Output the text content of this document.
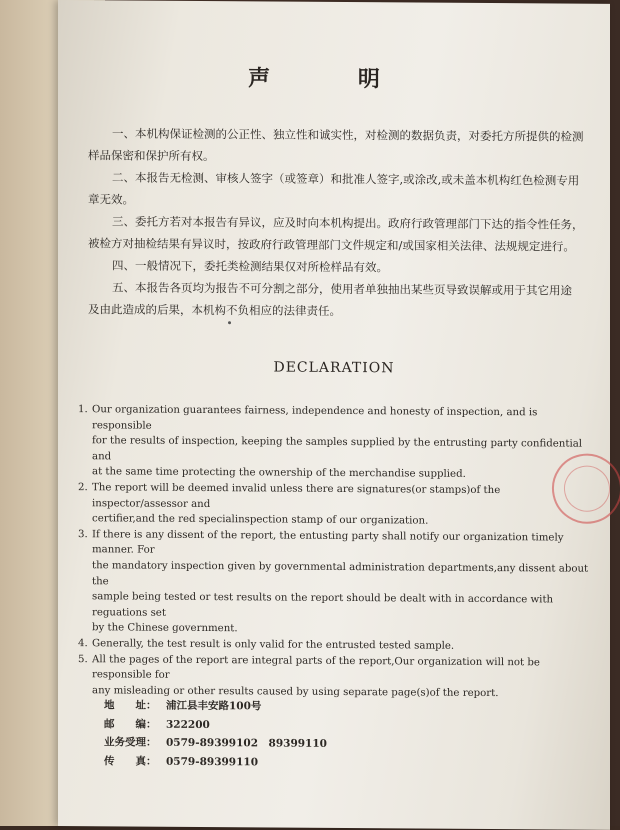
声 明
一、本机构保证检测的公正性、独立性和诚实性，对检测的数据负责，对委托方所提供的检测
样品保密和保护所有权。
二、本报告无检测、审核人签字（或签章）和批准人签字,或涂改,或未盖本机构红色检测专用
章无效。
三、委托方若对本报告有异议，应及时向本机构提出。政府行政管理部门下达的指令性任务，
被检方对抽检结果有异议时，按政府行政管理部门文件规定和/或国家相关法律、法规规定进行。
四、一般情况下，委托类检测结果仅对所检样品有效。
五、本报告各页均为报告不可分割之部分，使用者单独抽出某些页导致误解或用于其它用途
及由此造成的后果，本机构不负相应的法律责任。
DECLARATION
1. Our organization guarantees fairness, independence and honesty of inspection, and is responsible
for the results of inspection, keeping the samples supplied by the entrusting party confidential and
at the same time protecting the ownership of the merchandise supplied.
2. The report will be deemed invalid unless there are signatures(or stamps)of the inspector/assessor and
certifier,and the red specialinspection stamp of our organization.
3. If there is any dissent of the report, the entusting party shall notify our organization timely manner. For
the mandatory inspection given by governmental administration departments,any dissent about the
sample being tested or test results on the report should be dealt with in accordance with reguations set
by the Chinese government.
4. Generally, the test result is only valid for the entrusted tested sample.
5. All the pages of the report are integral parts of the report,Our organization will not be responsible for
any misleading or other results caused by using separate page(s)of the report.
地　　址： 浦江县丰安路100号
邮　　编： 322200
业务受理： 0579-89399102　89399110
传　　真： 0579-89399110
